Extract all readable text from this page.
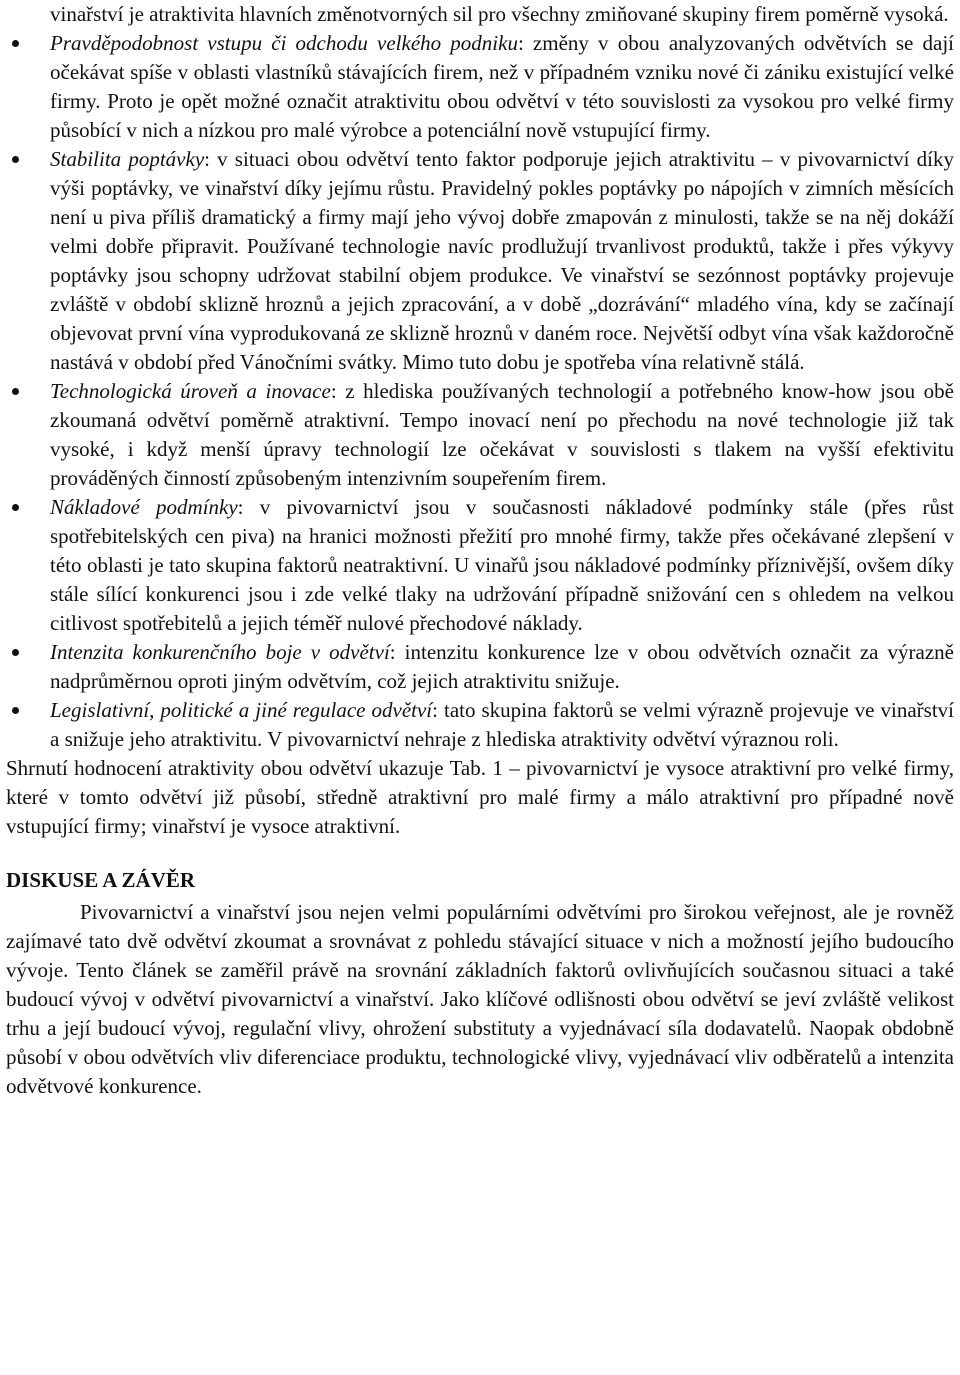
vinařství je atraktivita hlavních změnotvorných sil pro všechny zmiňované skupiny firem poměrně vysoká.
Pravděpodobnost vstupu či odchodu velkého podniku: změny v obou analyzovaných odvětvích se dají očekávat spíše v oblasti vlastníků stávajících firem, než v případném vzniku nové či zániku existující velké firmy. Proto je opět možné označit atraktivitu obou odvětví v této souvislosti za vysokou pro velké firmy působící v nich a nízkou pro malé výrobce a potenciální nově vstupující firmy.
Stabilita poptávky: v situaci obou odvětví tento faktor podporuje jejich atraktivitu – v pivovarnictví díky výši poptávky, ve vinařství díky jejímu růstu. Pravidelný pokles poptávky po nápojích v zimních měsících není u piva příliš dramatický a firmy mají jeho vývoj dobře zmapován z minulosti, takže se na něj dokáží velmi dobře připravit. Používané technologie navíc prodlužují trvanlivost produktů, takže i přes výkyvy poptávky jsou schopny udržovat stabilní objem produkce. Ve vinařství se sezónnost poptávky projevuje zvláště v období sklizně hroznů a jejich zpracování, a v době „dozrávání“ mladého vína, kdy se začínají objevovat první vína vyprodukovaná ze sklizně hroznů v daném roce. Největší odbyt vína však každoročně nastává v období před Vánočními svátky. Mimo tuto dobu je spotřeba vína relativně stálá.
Technologická úroveň a inovace: z hlediska používaných technologií a potřebného know-how jsou obě zkoumaná odvětví poměrně atraktivní. Tempo inovací není po přechodu na nové technologie již tak vysoké, i když menší úpravy technologií lze očekávat v souvislosti s tlakem na vyšší efektivitu prováděných činností způsobeným intenzivním soupeřením firem.
Nákladové podmínky: v pivovarnictví jsou v současnosti nákladové podmínky stále (přes růst spotřebitelských cen piva) na hranici možnosti přežití pro mnohé firmy, takže přes očekávané zlepšení v této oblasti je tato skupina faktorů neatraktivní. U vinařů jsou nákladové podmínky příznivější, ovšem díky stále sílící konkurenci jsou i zde velké tlaky na udržování případně snižování cen s ohledem na velkou citlivost spotřebitelů a jejich téměř nulové přechodové náklady.
Intenzita konkurenčního boje v odvětví: intenzitu konkurence lze v obou odvětvích označit za výrazně nadprůměrnou oproti jiným odvětvím, což jejich atraktivitu snižuje.
Legislativní, politické a jiné regulace odvětví: tato skupina faktorů se velmi výrazně projevuje ve vinařství a snižuje jeho atraktivitu. V pivovarnictví nehraje z hlediska atraktivity odvětví výraznou roli.

Shrnutí hodnocení atraktivity obou odvětví ukazuje Tab. 1 – pivovarnictví je vysoce atraktivní pro velké firmy, které v tomto odvětví již působí, středně atraktivní pro malé firmy a málo atraktivní pro případné nově vstupující firmy; vinařství je vysoce atraktivní.

DISKUSE A ZÁVĚR

Pivovarnictví a vinařství jsou nejen velmi populárními odvětvími pro širokou veřejnost, ale je rovněž zajímavé tato dvě odvětví zkoumat a srovnávat z pohledu stávající situace v nich a možností jejího budoucího vývoje. Tento článek se zaměřil právě na srovnání základních faktorů ovlivňujících současnou situaci a také budoucí vývoj v odvětví pivovarnictví a vinařství. Jako klíčové odlišnosti obou odvětví se jeví zvláště velikost trhu a její budoucí vývoj, regulační vlivy, ohrožení substituty a vyjednávací síla dodavatelů. Naopak obdobně působí v obou odvětvích vliv diferenciace produktu, technologické vlivy, vyjednávací vliv odběratelů a intenzita odvětvové konkurence.
